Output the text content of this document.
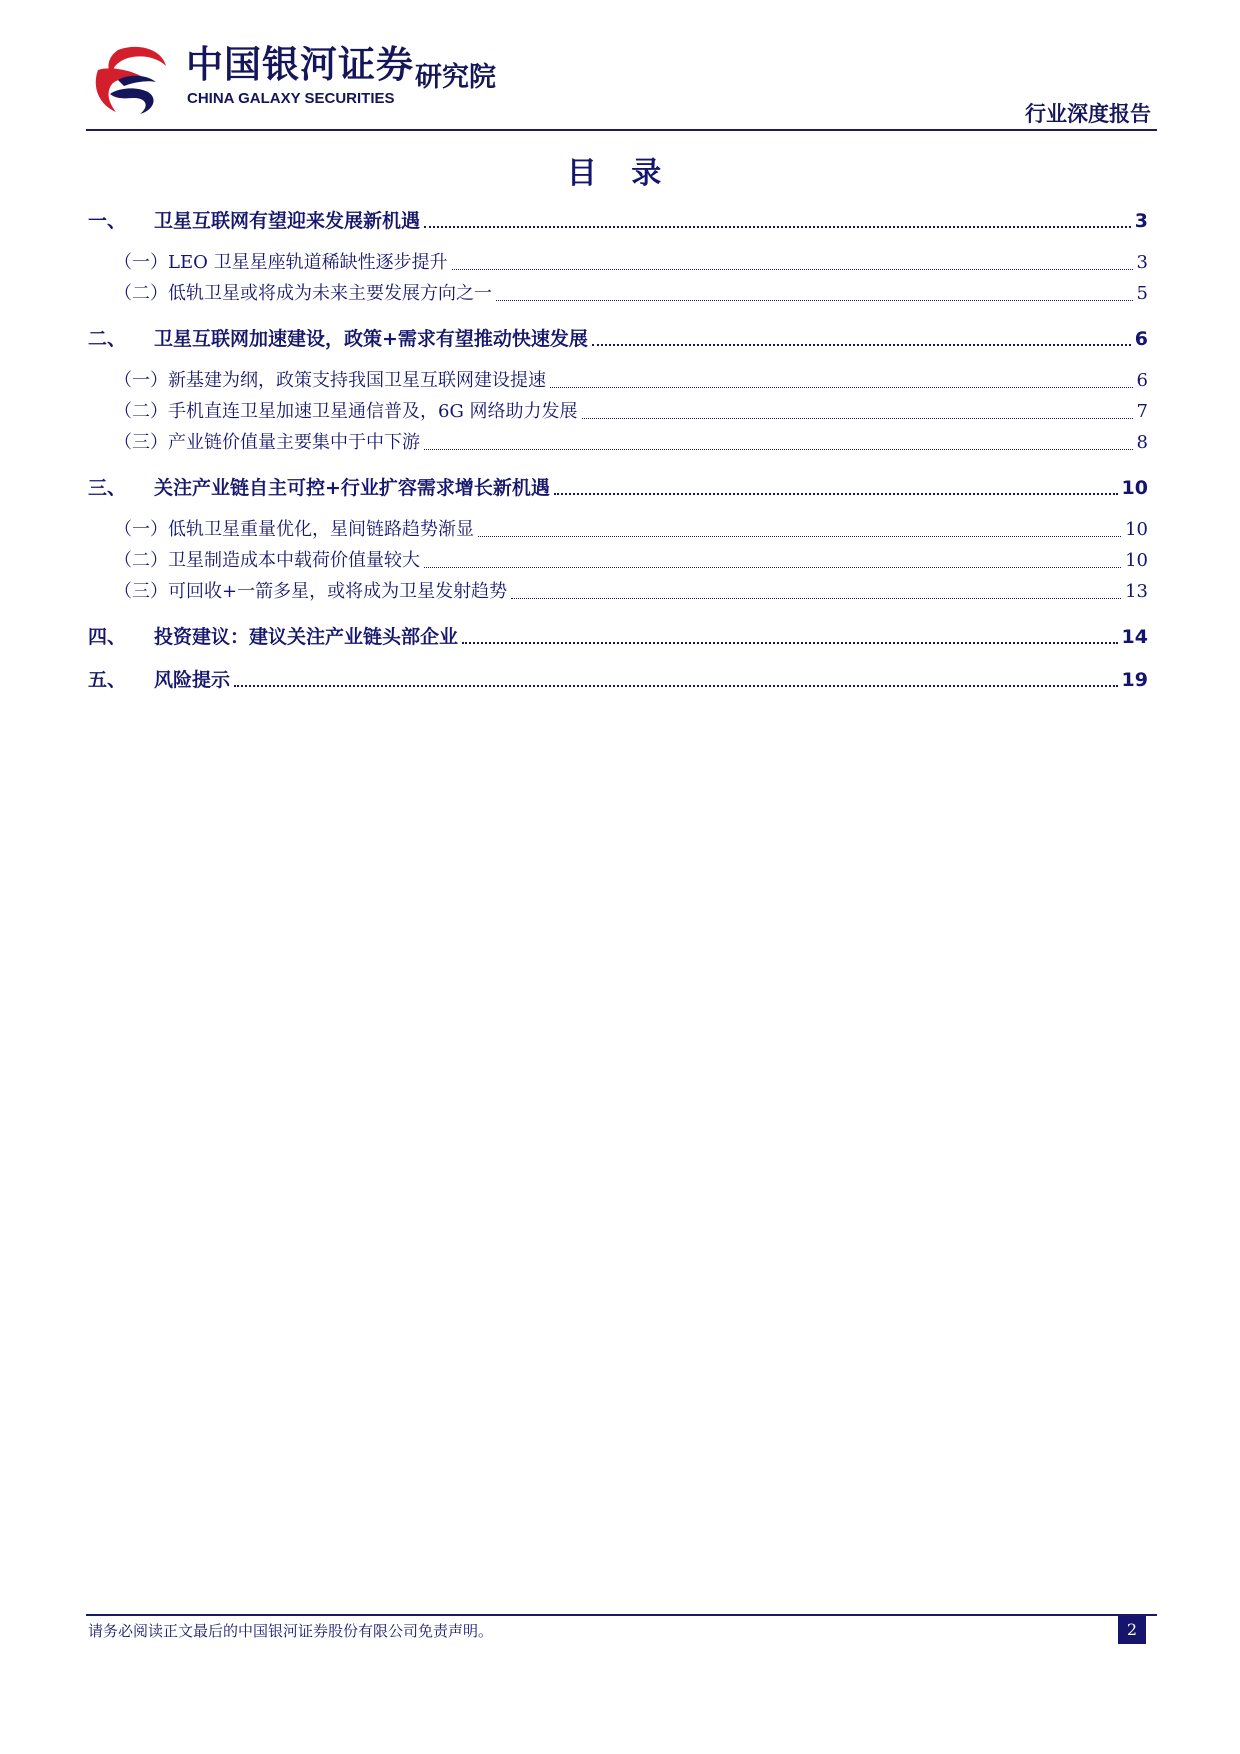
中国银河证券
CHINA GALAXY SECURITIES
研究院
行业深度报告
目 录
一、	卫星互联网有望迎来发展新机遇	3
（一） LEO 卫星星座轨道稀缺性逐步提升	3
（二） 低轨卫星或将成为未来主要发展方向之一	5
二、	卫星互联网加速建设，政策+需求有望推动快速发展	6
（一） 新基建为纲，政策支持我国卫星互联网建设提速	6
（二） 手机直连卫星加速卫星通信普及，6G 网络助力发展	7
（三） 产业链价值量主要集中于中下游	8
三、	关注产业链自主可控+行业扩容需求增长新机遇	10
（一） 低轨卫星重量优化，星间链路趋势渐显	10
（二） 卫星制造成本中载荷价值量较大	10
（三） 可回收+一箭多星，或将成为卫星发射趋势	13
四、	投资建议：建议关注产业链头部企业	14
五、	风险提示	19
请务必阅读正文最后的中国银河证券股份有限公司免责声明。	2
